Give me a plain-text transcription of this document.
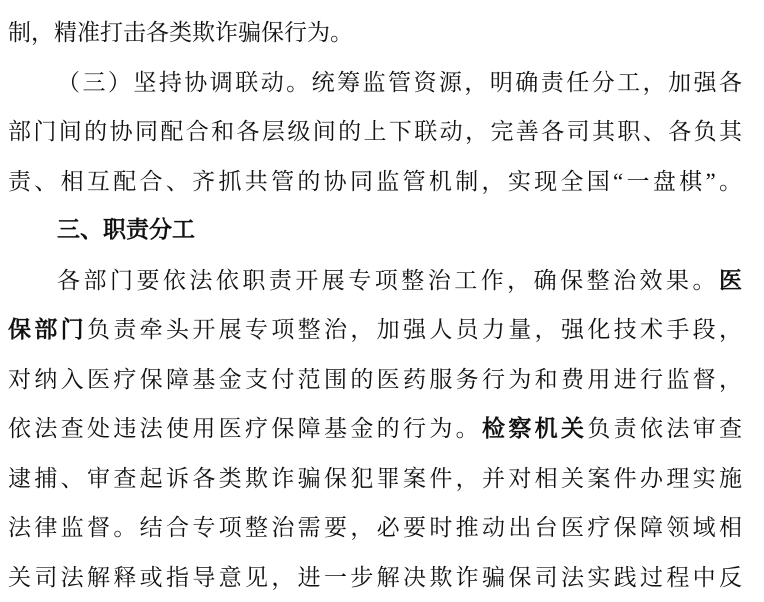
制，精准打击各类欺诈骗保行为。
（三）坚持协调联动。统筹监管资源，明确责任分工，加强各
部门间的协同配合和各层级间的上下联动，完善各司其职、各负其
责、相互配合、齐抓共管的协同监管机制，实现全国“一盘棋”。
三、职责分工
各部门要依法依职责开展专项整治工作，确保整治效果。医
保部门负责牵头开展专项整治，加强人员力量，强化技术手段，
对纳入医疗保障基金支付范围的医药服务行为和费用进行监督，
依法查处违法使用医疗保障基金的行为。检察机关负责依法审查
逮捕、审查起诉各类欺诈骗保犯罪案件，并对相关案件办理实施
法律监督。结合专项整治需要，必要时推动出台医疗保障领域相
关司法解释或指导意见，进一步解决欺诈骗保司法实践过程中反
